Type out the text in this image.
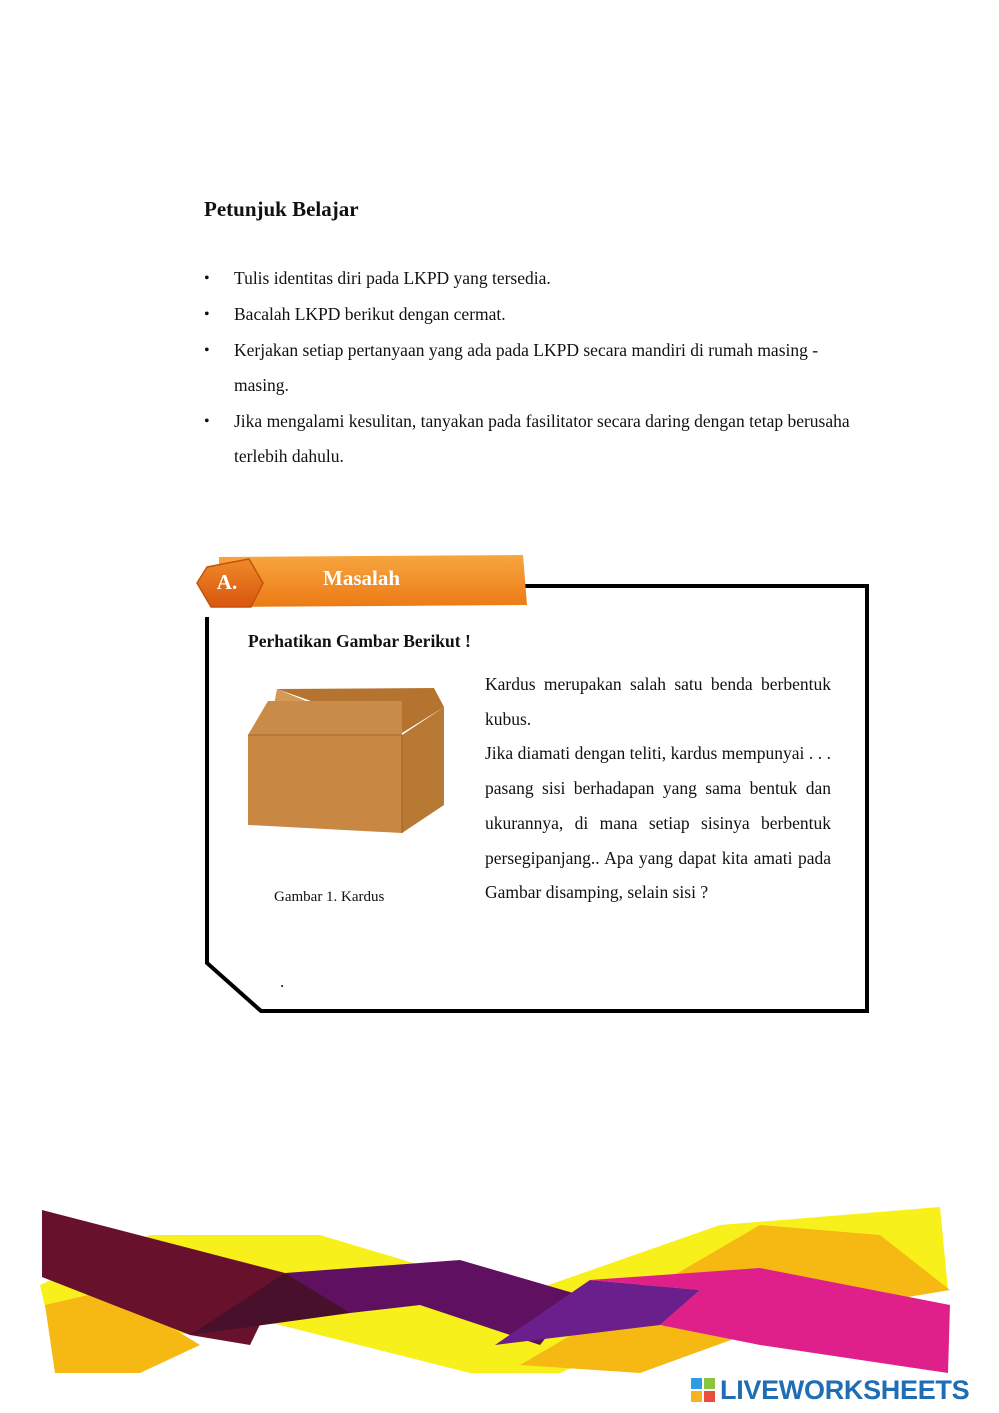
Petunjuk Belajar
• Tulis identitas diri pada LKPD yang tersedia.
• Bacalah LKPD berikut dengan cermat.
• Kerjakan setiap pertanyaan yang ada pada LKPD secara mandiri di rumah masing - masing.
• Jika mengalami kesulitan, tanyakan pada fasilitator secara daring dengan tetap berusaha terlebih dahulu.
A.	Masalah
Perhatikan Gambar Berikut !
Gambar 1. Kardus

Kardus merupakan salah satu benda berbentuk kubus.

Jika diamati dengan teliti, kardus mempunyai . . . pasang sisi berhadapan yang sama bentuk dan ukurannya, di mana setiap sisinya berbentuk persegipanjang.. Apa yang dapat kita amati pada Gambar disamping, selain sisi ?

.
LIVEWORKSHEETS
